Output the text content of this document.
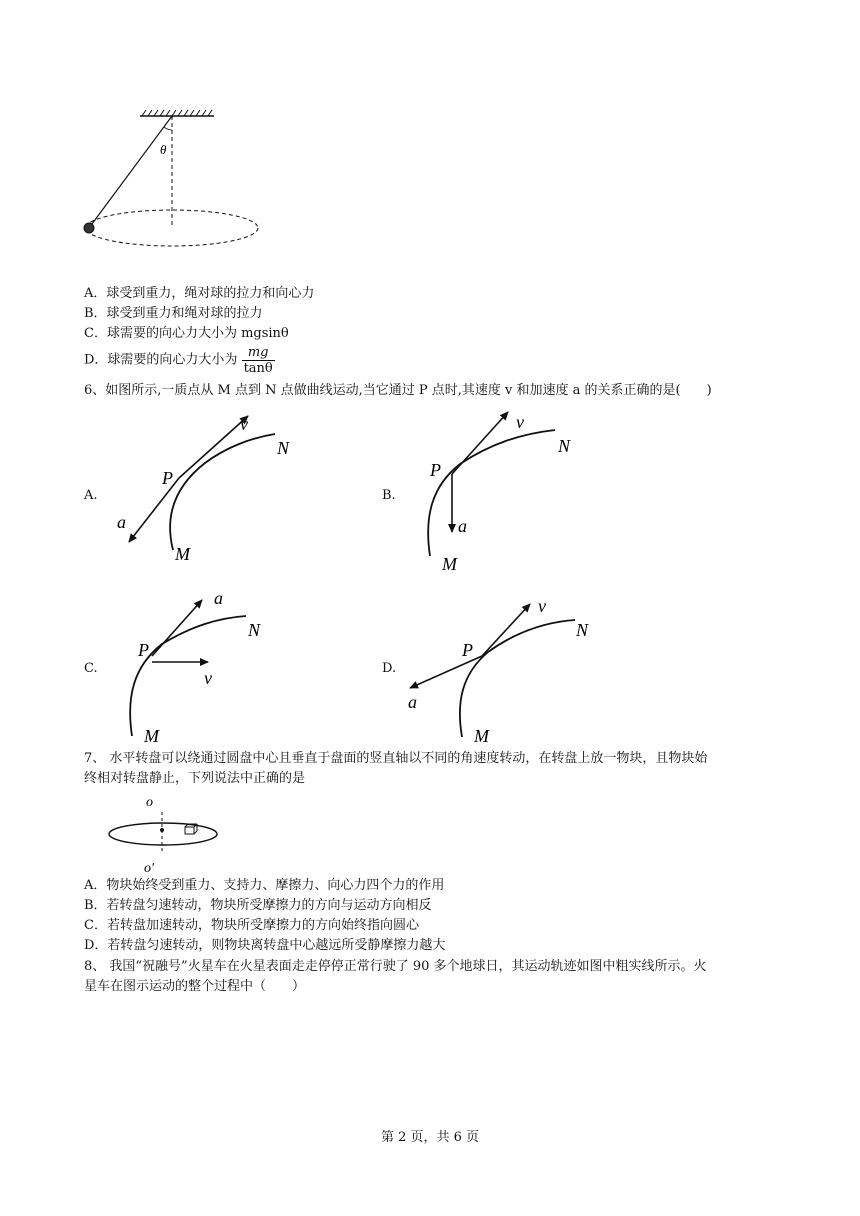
θ
A．球受到重力，绳对球的拉力和向心力
B．球受到重力和绳对球的拉力
C．球需要的向心力大小为 mgsinθ
D．球需要的向心力大小为 $\frac{mg}{\tan\theta}$
6、如图所示,一质点从 M 点到 N 点做曲线运动,当它通过 P 点时,其速度 v 和加速度 a 的关系正确的是(　　)
A.
P
N
M
v
a
B.
P
N
M
v
a
C.
P
N
M
a
v	D.
P
N
M
v
a
7、 水平转盘可以绕通过圆盘中心且垂直于盘面的竖直轴以不同的角速度转动，在转盘上放一物块，且物块始
终相对转盘静止，下列说法中正确的是
o
o′
A．物块始终受到重力、支持力、摩擦力、向心力四个力的作用
B．若转盘匀速转动，物块所受摩擦力的方向与运动方向相反
C．若转盘加速转动，物块所受摩擦力的方向始终指向圆心
D．若转盘匀速转动，则物块离转盘中心越远所受静摩擦力越大
8、 我国“祝融号”火星车在火星表面走走停停正常行驶了 90 多个地球日，其运动轨迹如图中粗实线所示。火
星车在图示运动的整个过程中（　　）
第 2 页，共 6 页
